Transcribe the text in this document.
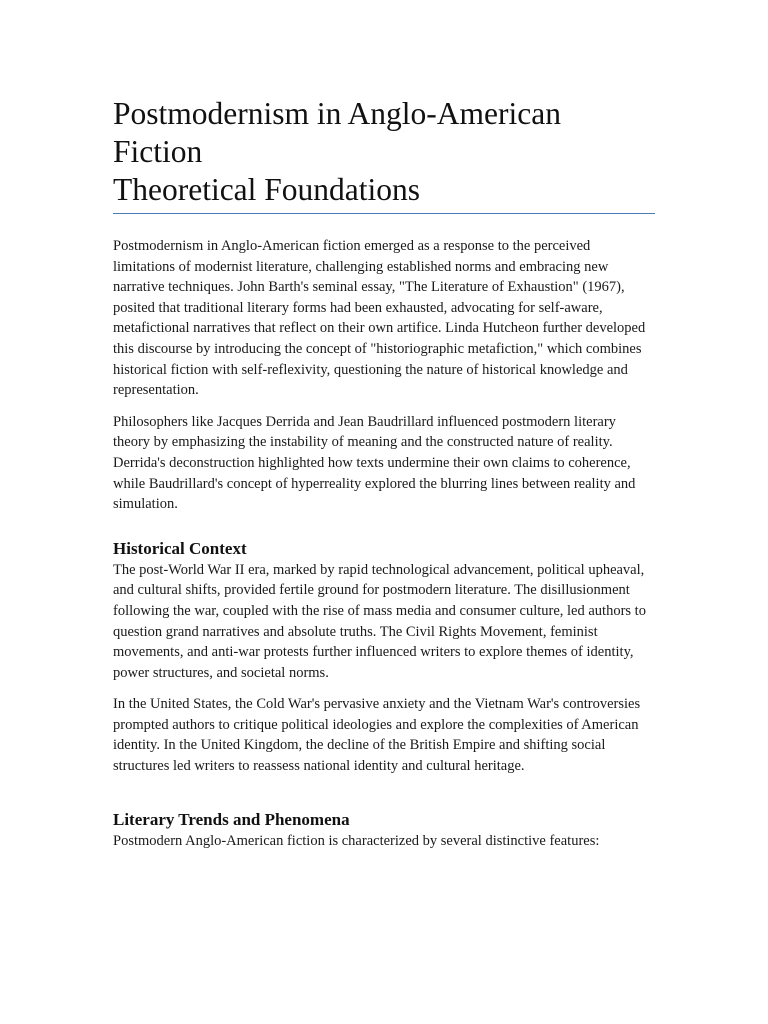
Postmodernism in Anglo-American
Fiction
Theoretical Foundations

Postmodernism in Anglo-American fiction emerged as a response to the perceived limitations of modernist literature, challenging established norms and embracing new narrative techniques. John Barth's seminal essay, "The Literature of Exhaustion" (1967), posited that traditional literary forms had been exhausted, advocating for self-aware, metafictional narratives that reflect on their own artifice. Linda Hutcheon further developed this discourse by introducing the concept of "historiographic metafiction," which combines historical fiction with self-reflexivity, questioning the nature of historical knowledge and representation.

Philosophers like Jacques Derrida and Jean Baudrillard influenced postmodern literary theory by emphasizing the instability of meaning and the constructed nature of reality. Derrida's deconstruction highlighted how texts undermine their own claims to coherence, while Baudrillard's concept of hyperreality explored the blurring lines between reality and simulation.

Historical Context

The post-World War II era, marked by rapid technological advancement, political upheaval, and cultural shifts, provided fertile ground for postmodern literature. The disillusionment following the war, coupled with the rise of mass media and consumer culture, led authors to question grand narratives and absolute truths. The Civil Rights Movement, feminist movements, and anti-war protests further influenced writers to explore themes of identity, power structures, and societal norms.

In the United States, the Cold War's pervasive anxiety and the Vietnam War's controversies prompted authors to critique political ideologies and explore the complexities of American identity. In the United Kingdom, the decline of the British Empire and shifting social structures led writers to reassess national identity and cultural heritage.

Literary Trends and Phenomena

Postmodern Anglo-American fiction is characterized by several distinctive features:
